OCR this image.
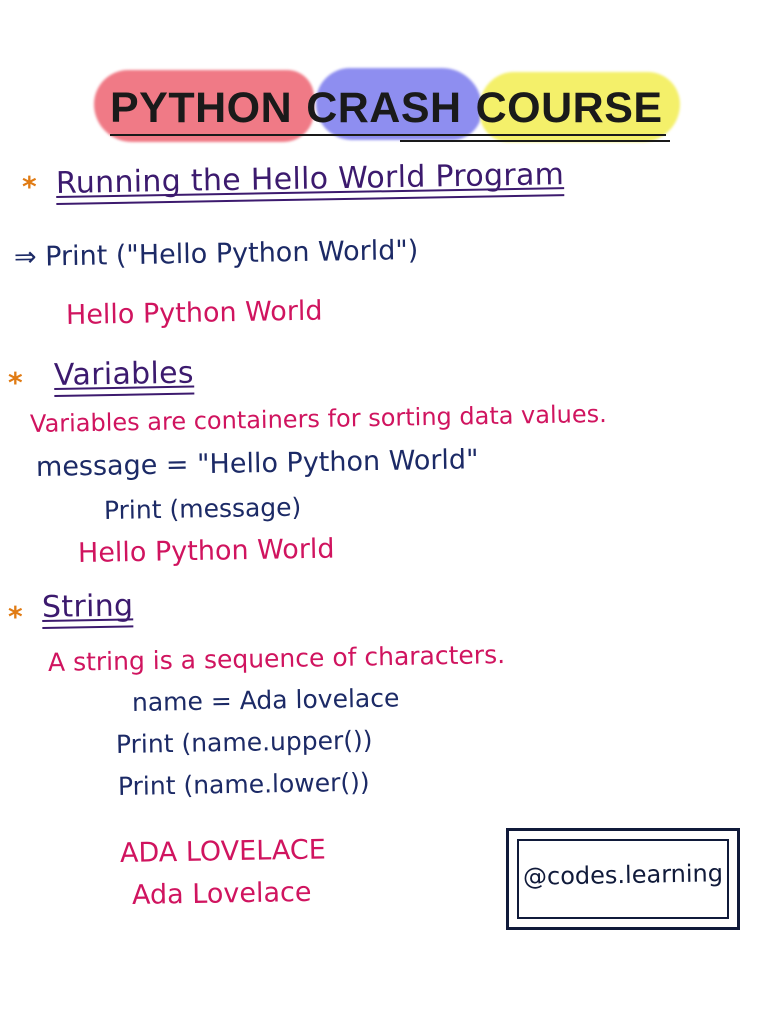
PYTHON CRASH COURSE
* Running the Hello World Program
⇒ Print ("Hello Python World")
Hello Python World
* Variables
Variables are containers for sorting data values.
message = "Hello Python World"
Print (message)
Hello Python World
* String
A string is a sequence of characters.
name = Ada lovelace
Print (name.upper())
Print (name.lower())
ADA LOVELACE
Ada Lovelace
@codes.learning
